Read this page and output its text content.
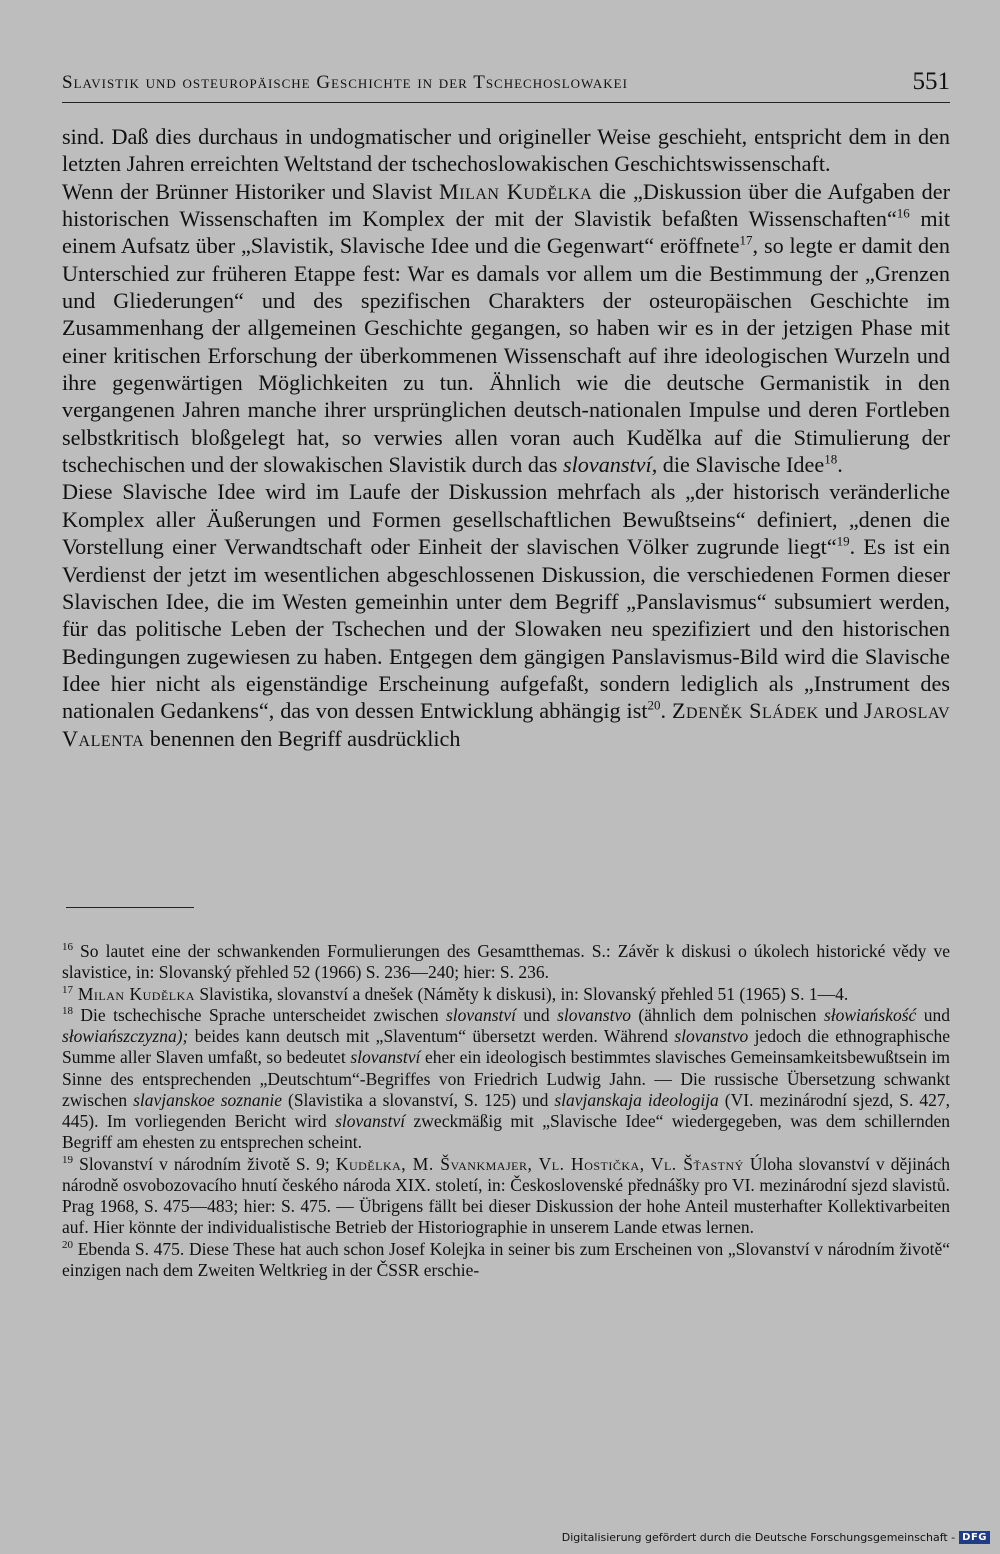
Slavistik und osteuropäische Geschichte in der Tschechoslowakei	551

sind. Daß dies durchaus in undogmatischer und origineller Weise geschieht, entspricht dem in den letzten Jahren erreichten Weltstand der tschechoslowakischen Geschichtswissenschaft.

Wenn der Brünner Historiker und Slavist Milan Kudělka die „Diskussion über die Aufgaben der historischen Wissenschaften im Komplex der mit der Slavistik befaßten Wissenschaften“$^{16}$ mit einem Aufsatz über „Slavistik, Slavische Idee und die Gegenwart“ eröffnete$^{17}$, so legte er damit den Unterschied zur früheren Etappe fest: War es damals vor allem um die Bestimmung der „Grenzen und Gliederungen“ und des spezifischen Charakters der osteuropäischen Geschichte im Zusammenhang der allgemeinen Geschichte gegangen, so haben wir es in der jetzigen Phase mit einer kritischen Erforschung der überkommenen Wissenschaft auf ihre ideologischen Wurzeln und ihre gegenwärtigen Möglichkeiten zu tun. Ähnlich wie die deutsche Germanistik in den vergangenen Jahren manche ihrer ursprünglichen deutsch-nationalen Impulse und deren Fortleben selbstkritisch bloßgelegt hat, so verwies allen voran auch Kudělka auf die Stimulierung der tschechischen und der slowakischen Slavistik durch das slovanství, die Slavische Idee$^{18}$.

Diese Slavische Idee wird im Laufe der Diskussion mehrfach als „der historisch veränderliche Komplex aller Äußerungen und Formen gesellschaftlichen Bewußtseins“ definiert, „denen die Vorstellung einer Verwandtschaft oder Einheit der slavischen Völker zugrunde liegt“$^{19}$. Es ist ein Verdienst der jetzt im wesentlichen abgeschlossenen Diskussion, die verschiedenen Formen dieser Slavischen Idee, die im Westen gemeinhin unter dem Begriff „Panslavismus“ subsumiert werden, für das politische Leben der Tschechen und der Slowaken neu spezifiziert und den historischen Bedingungen zugewiesen zu haben. Entgegen dem gängigen Panslavismus-Bild wird die Slavische Idee hier nicht als eigenständige Erscheinung aufgefaßt, sondern lediglich als „Instrument des nationalen Gedankens“, das von dessen Entwicklung abhängig ist$^{20}$. Zdeněk Sládek und Jaroslav Valenta benennen den Begriff ausdrücklich

$^{16}$ So lautet eine der schwankenden Formulierungen des Gesamtthemas. S.: Závěr k diskusi o úkolech historické vědy ve slavistice, in: Slovanský přehled 52 (1966) S. 236—240; hier: S. 236.

$^{17}$ Milan Kudělka Slavistika, slovanství a dnešek (Náměty k diskusi), in: Slovanský přehled 51 (1965) S. 1—4.

$^{18}$ Die tschechische Sprache unterscheidet zwischen slovanství und slovanstvo (ähnlich dem polnischen słowiańskość und słowiańszczyzna); beides kann deutsch mit „Slaventum“ übersetzt werden. Während slovanstvo jedoch die ethnographische Summe aller Slaven umfaßt, so bedeutet slovanství eher ein ideologisch bestimmtes slavisches Gemeinsamkeitsbewußtsein im Sinne des entsprechenden „Deutschtum“-Begriffes von Friedrich Ludwig Jahn. — Die russische Übersetzung schwankt zwischen slavjanskoe soznanie (Slavistika a slovanství, S. 125) und slavjanskaja ideologija (VI. mezinárodní sjezd, S. 427, 445). Im vorliegenden Bericht wird slovanství zweckmäßig mit „Slavische Idee“ wiedergegeben, was dem schillernden Begriff am ehesten zu entsprechen scheint.

$^{19}$ Slovanství v národním životě S. 9; Kudělka, M. Švankmajer, Vl. Hostička, Vl. Šťastný Úloha slovanství v dějinách národně osvobozovacího hnutí českého národa XIX. století, in: Československé přednášky pro VI. mezinárodní sjezd slavistů. Prag 1968, S. 475—483; hier: S. 475. — Übrigens fällt bei dieser Diskussion der hohe Anteil musterhafter Kollektivarbeiten auf. Hier könnte der individualistische Betrieb der Historiographie in unserem Lande etwas lernen.

$^{20}$ Ebenda S. 475. Diese These hat auch schon Josef Kolejka in seiner bis zum Erscheinen von „Slovanství v národním životě“ einzigen nach dem Zweiten Weltkrieg in der ČSSR erschie-

Digitalisierung gefördert durch die Deutsche Forschungsgemeinschaft - DFG
